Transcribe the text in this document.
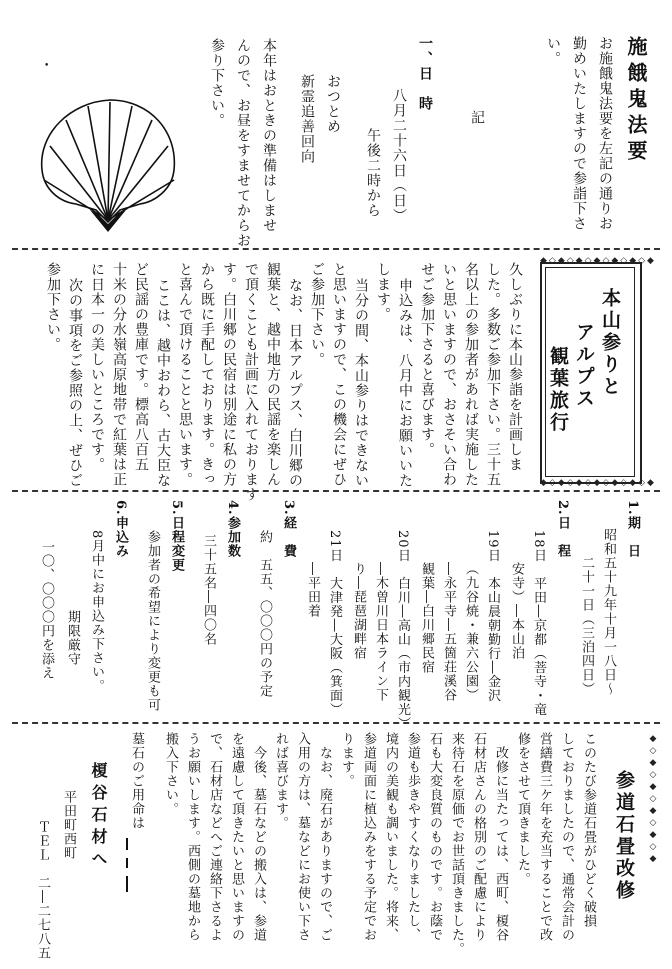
施餓鬼法要
お施餓鬼法要を左記の通りお
勤めいたしますので参詣下さ
い。
記
一、日　時
八月二十六日（日）
午後二時から
おつとめ
新霊追善回向
本年はおときの準備はしませ
んので、お昼をすませてからお
参り下さい。
•
◆◇◆◇◆◇◆◇◆◇◆◇◆
◆◇◆◇◆◇◆◇◆◇◆◇◆
本山参りと
アルプス
観葉旅行
久しぶりに本山参詣を計画しま
した。多数ご参加下さい。三十五
名以上の参加者があれば実施した
いと思いますので、おさそい合わ
せご参加下さると喜びます。
申込みは、八月中にお願いいた
します。
当分の間、本山参りはできない
と思いますので、この機会にぜひ
ご参加下さい。
なお、日本アルプス、白川郷の
観葉と、越中地方の民謡を楽しん
で頂くことも計画に入れております
す。白川郷の民宿は別途に私の方
から既に手配しております。きっ
と喜んで頂けることと思います。
ここは、越中おわら、古大臣な
ど民謡の豊庫です。標高八百五
十米の分水嶺高原地帯で紅葉は正
に日本一の美しいところです。
次の事項をご参照の上、ぜひご
参加下さい。
1.
期　日
昭和五十九年十月一八日～
二十一日（三泊四日）
2.
日　程
18日　平田―京都（菩寺・竜
安寺）―本山泊
19日　本山晨朝勤行―金沢
（九谷焼・兼六公園）
―永平寺―五箇荘溪谷
観葉―白川郷民宿
20日　白川―高山（市内観光）
―木曽川日本ライン下
り―琵琶湖畔宿
21日　大津発―大阪（箕面）
―平田着
3.
経　費
約　五五、〇〇〇円の予定
4.
参加数
三十五名―四〇名
5.
日程変更
参加者の希望により変更も可
6.
申込み
8月中にお申込み下さい。
期限厳守
一〇、〇〇〇円を添え
◆◇◆◇◆◇◆◇◆◇◆
参道石畳改修
このたび参道石畳がひどく破損
しておりましたので、通常会計の
営繕費三ケ年を充当することで改
修をさせて頂きました。
改修に当たっては、西町、榎谷
石材店さんの格別のご配慮により
来待石を原価でお世話頂きました。
石も大変良質のものです。お蔭で
参道も歩きやすくなりましたし、
境内の美観も調いました。将来、
参道両面に植込みをする予定でお
ります。
なお、廃石がありますので、ご
入用の方は、墓などにお使い下さ
れば喜びます。
今後、墓石などの搬入は、参道
を遠慮して頂きたいと思いますの
で、石材店などへご連絡下さるよ
うお願いします。西側の墓地から
搬入下さい。
墓石のご用命は
榎谷石材へ
平田町西町
ＴＥＬ　二―二七八五
